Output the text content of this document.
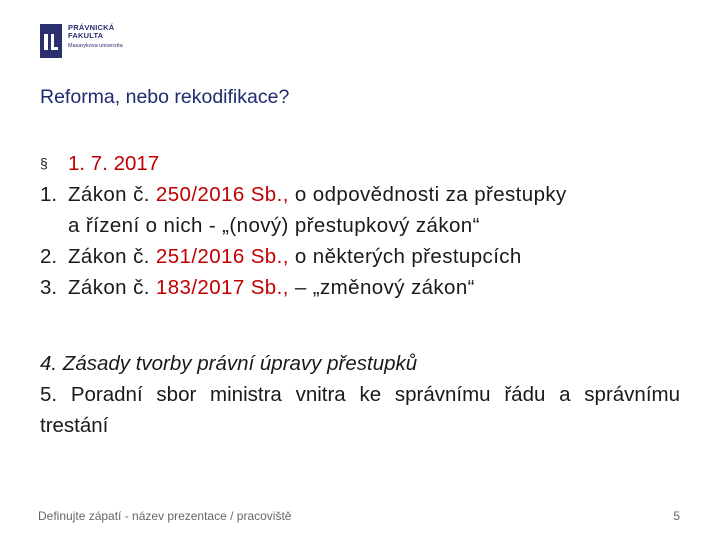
PRÁVNICKÁ
FAKULTA
Masarykova univerzita
Reforma, nebo rekodifikace?
§ 1. 7. 2017
1. Zákon č. 250/2016 Sb., o odpovědnosti za přestupky
a řízení o nich - „(nový) přestupkový zákon“
2. Zákon č. 251/2016 Sb., o některých přestupcích
3. Zákon č. 183/2017 Sb., – „změnový zákon“
4. Zásady tvorby právní úpravy přestupků
5. Poradní sbor ministra vnitra ke správnímu řádu a správnímu trestání
Definujte zápatí - název prezentace / pracoviště	5
